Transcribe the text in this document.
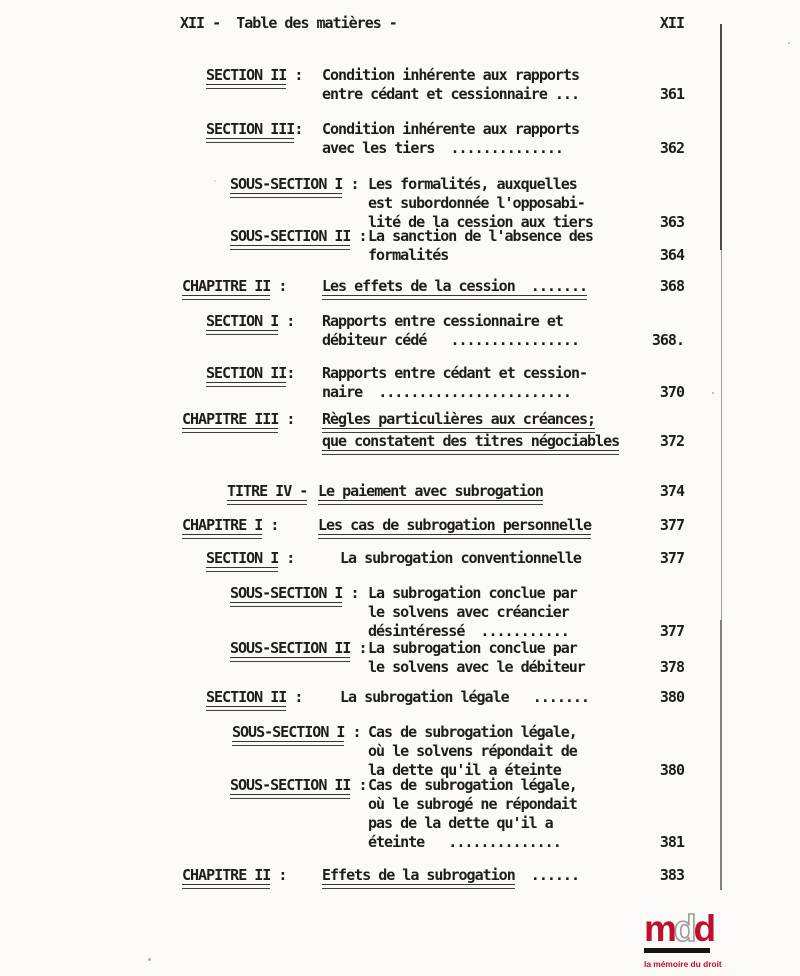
XII -  Table des matières -	XII
SECTION II : Condition inhérente aux rapports
entre cédant et cessionnaire ...	361
SECTION III: Condition inhérente aux rapports
avec les tiers  ..............	362
SOUS-SECTION I : Les formalités, auxquelles
est subordonnée l'opposabi-
lité de la cession aux tiers	363
SOUS-SECTION II : La sanction de l'absence des
formalités	364
CHAPITRE II : Les effets de la cession  .......	368
SECTION I : Rapports entre cessionnaire et
débiteur cédé   ................	368.
SECTION II: Rapports entre cédant et cession-
naire  ........................	370
CHAPITRE III : Règles particulières aux créances;
que constatent des titres négociables	372
TITRE IV - Le paiement avec subrogation	374
CHAPITRE I :	Les cas de subrogation personnelle	377
SECTION I :	La subrogation conventionnelle	377
SOUS-SECTION I : La subrogation conclue par
le solvens avec créancier
désintéressé  ...........	377
SOUS-SECTION II : La subrogation conclue par
le solvens avec le débiteur	378
SECTION II :	La subrogation légale   .......	380
SOUS-SECTION I : Cas de subrogation légale,
où le solvens répondait de
la dette qu'il a éteinte	380
SOUS-SECTION II : Cas de subrogation légale,
où le subrogé ne répondait
pas de la dette qu'il a
éteinte   ..............	381
CHAPITRE II : Effets de la subrogation  ......	383
mdd
la mémoire du droit
